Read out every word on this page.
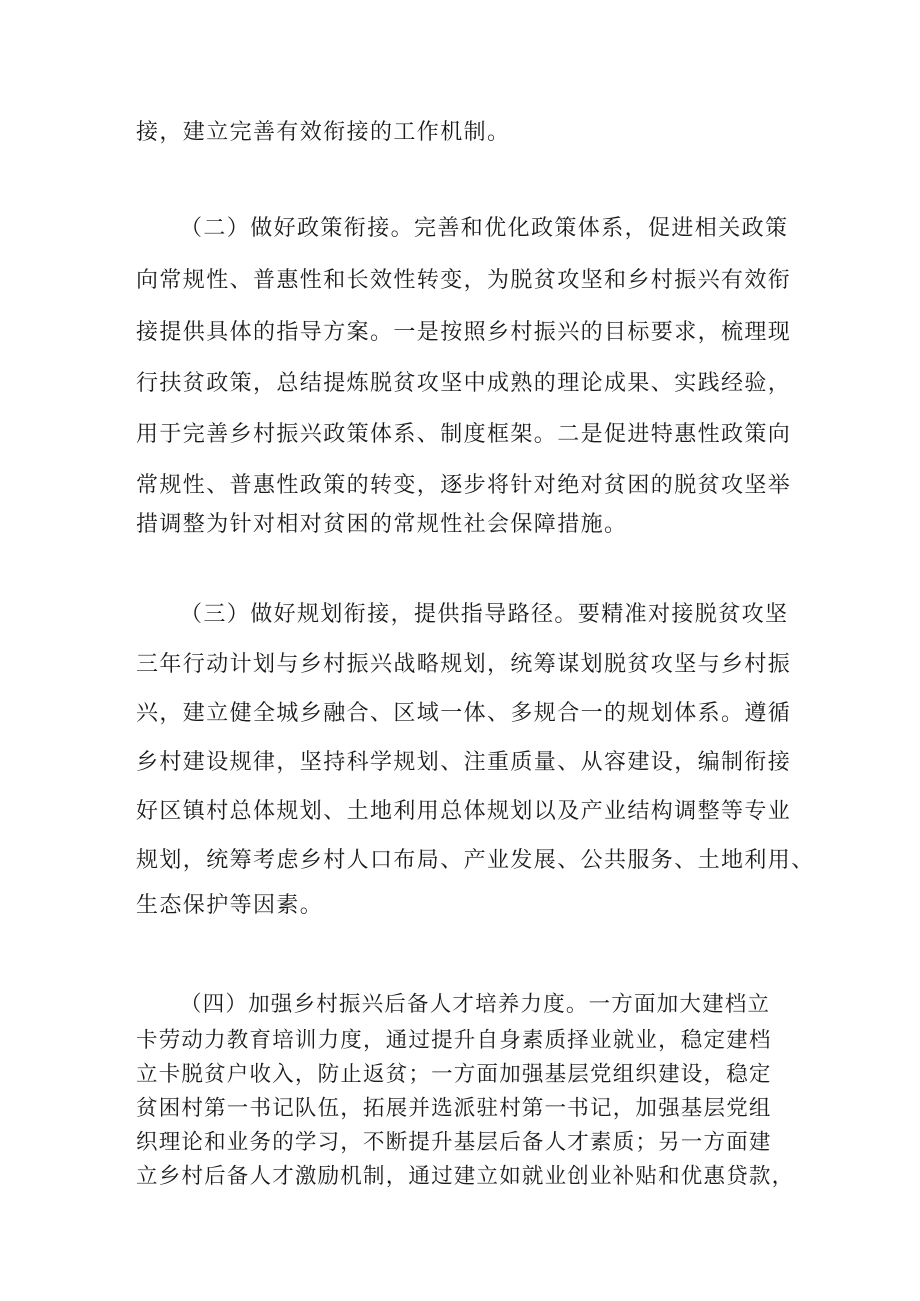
接，建立完善有效衔接的工作机制。
（二）做好政策衔接。完善和优化政策体系，促进相关政策
向常规性、普惠性和长效性转变，为脱贫攻坚和乡村振兴有效衔
接提供具体的指导方案。一是按照乡村振兴的目标要求，梳理现
行扶贫政策，总结提炼脱贫攻坚中成熟的理论成果、实践经验，
用于完善乡村振兴政策体系、制度框架。二是促进特惠性政策向
常规性、普惠性政策的转变，逐步将针对绝对贫困的脱贫攻坚举
措调整为针对相对贫困的常规性社会保障措施。
（三）做好规划衔接，提供指导路径。要精准对接脱贫攻坚
三年行动计划与乡村振兴战略规划，统筹谋划脱贫攻坚与乡村振
兴，建立健全城乡融合、区域一体、多规合一的规划体系。遵循
乡村建设规律，坚持科学规划、注重质量、从容建设，编制衔接
好区镇村总体规划、土地利用总体规划以及产业结构调整等专业
规划，统筹考虑乡村人口布局、产业发展、公共服务、土地利用、
生态保护等因素。
（四）加强乡村振兴后备人才培养力度。一方面加大建档立
卡劳动力教育培训力度，通过提升自身素质择业就业，稳定建档
立卡脱贫户收入，防止返贫；一方面加强基层党组织建设，稳定
贫困村第一书记队伍，拓展并选派驻村第一书记，加强基层党组
织理论和业务的学习，不断提升基层后备人才素质；另一方面建
立乡村后备人才激励机制，通过建立如就业创业补贴和优惠贷款，
